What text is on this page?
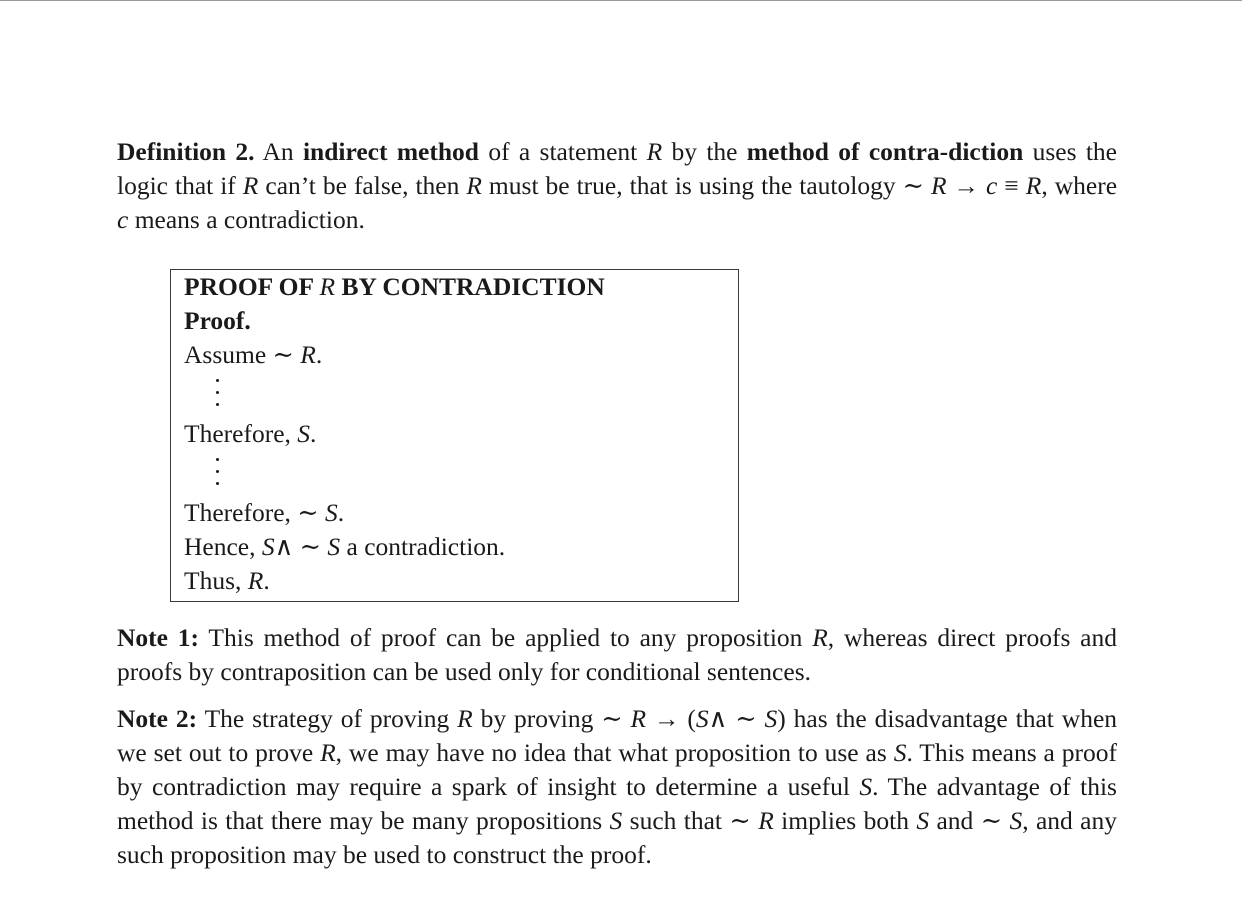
Definition 2. An indirect method of a statement R by the method of contra-diction uses the logic that if R can’t be false, then R must be true, that is using the tautology ∼ R → c ≡ R, where c means a contradiction.

PROOF OF R BY CONTRADICTION
Proof.
Assume ∼ R.
Therefore, S.
Therefore, ∼ S.
Hence, S∧ ∼ S a contradiction.
Thus, R.

Note 1: This method of proof can be applied to any proposition R, whereas direct proofs and proofs by contraposition can be used only for conditional sentences.

Note 2: The strategy of proving R by proving ∼ R → (S∧ ∼ S) has the disadvantage that when we set out to prove R, we may have no idea that what proposition to use as S. This means a proof by contradiction may require a spark of insight to determine a useful S. The advantage of this method is that there may be many propositions S such that ∼ R implies both S and ∼ S, and any such proposition may be used to construct the proof.
